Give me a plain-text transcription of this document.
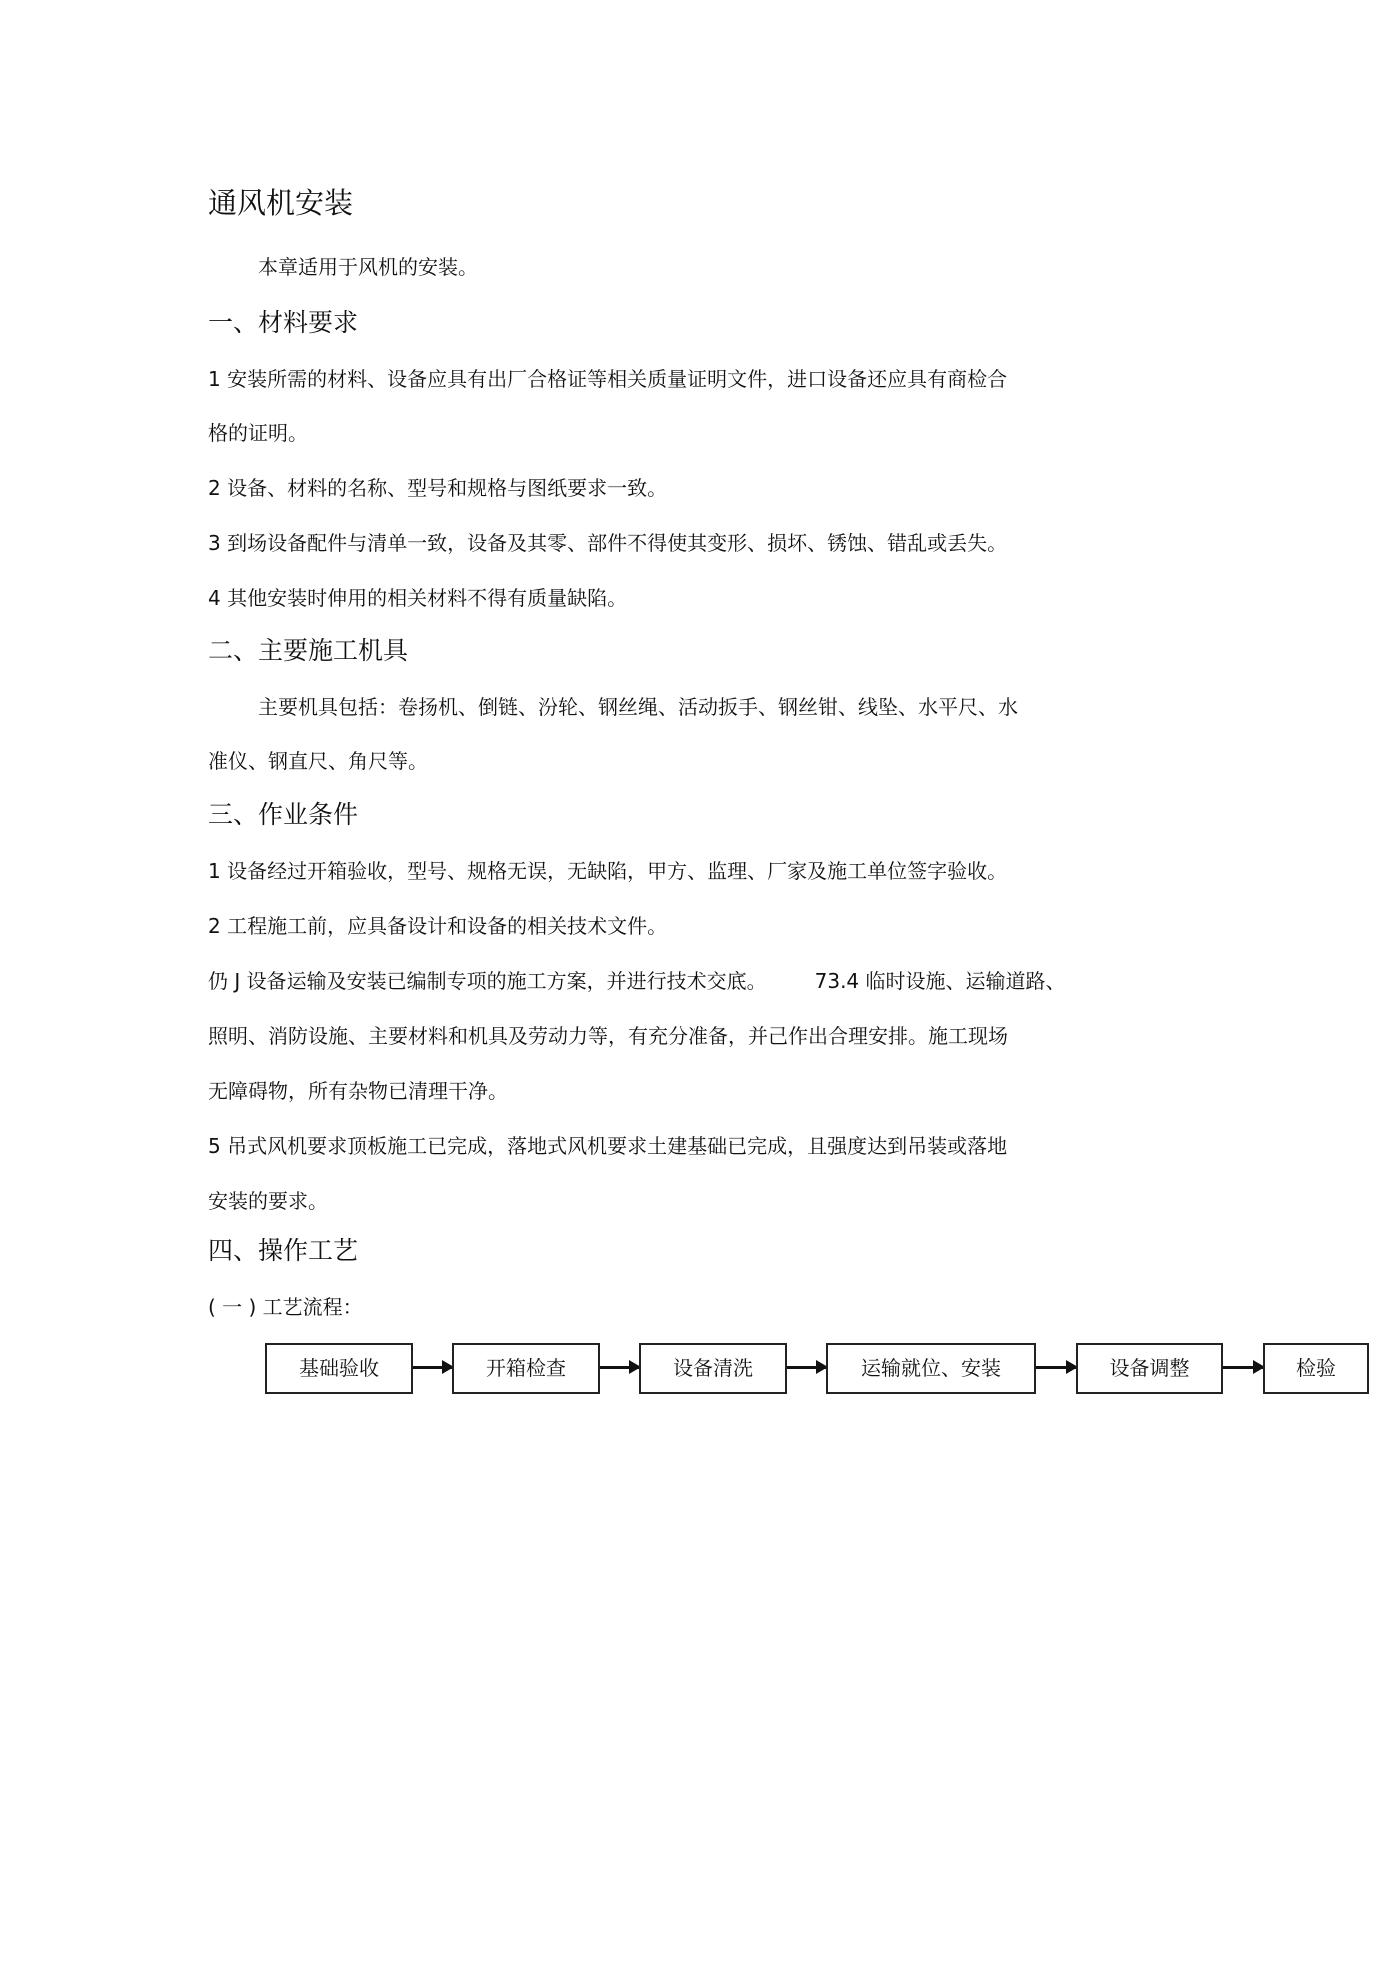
通风机安装
本章适用于风机的安装。
一、材料要求
1 安装所需的材料、设备应具有出厂合格证等相关质量证明文件，进口设备还应具有商检合
格的证明。
2 设备、材料的名称、型号和规格与图纸要求一致。
3 到场设备配件与清单一致，设备及其零、部件不得使其变形、损坏、锈蚀、错乱或丢失。
4 其他安装时伸用的相关材料不得有质量缺陷。
二、主要施工机具
主要机具包括：卷扬机、倒链、汾轮、钢丝绳、活动扳手、钢丝钳、线坠、水平尺、水
准仪、钢直尺、角尺等。
三、作业条件
1 设备经过开箱验收，型号、规格无误，无缺陷，甲方、监理、厂家及施工单位签字验收。
2 工程施工前，应具备设计和设备的相关技术文件。
仍 J 设备运输及安装已编制专项的施工方案，并进行技术交底。 73.4 临时设施、运输道路、
照明、消防设施、主要材料和机具及劳动力等，有充分准备，并己作出合理安排。施工现场
无障碍物，所有杂物已清理干净。
5 吊式风机要求顶板施工已完成，落地式风机要求土建基础已完成，且强度达到吊装或落地
安装的要求。
四、操作工艺
( 一 ) 工艺流程：
基础验收	开箱检查	设备清洗	运输就位、安装	设备调整	检验
